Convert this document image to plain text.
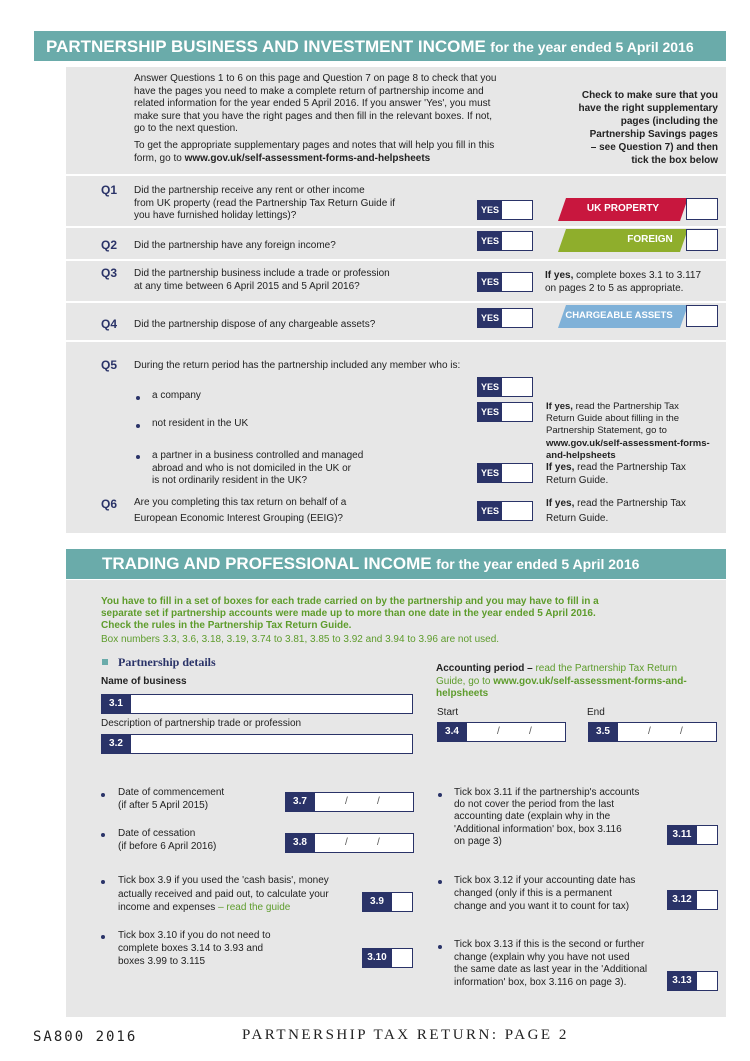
PARTNERSHIP BUSINESS AND INVESTMENT INCOME for the year ended 5 April 2016
Answer Questions 1 to 6 on this page and Question 7 on page 8 to check that you
have the pages you need to make a complete return of partnership income and
related information for the year ended 5 April 2016. If you answer 'Yes', you must
make sure that you have the right pages and then fill in the relevant boxes. If not,
go to the next question.
To get the appropriate supplementary pages and notes that will help you fill in this
form, go to www.gov.uk/self-assessment-forms-and-helpsheets
Check to make sure that you
have the right supplementary
pages (including the
Partnership Savings pages
– see Question 7) and then
tick the box below
Q1 Did the partnership receive any rent or other income
from UK property (read the Partnership Tax Return Guide if
you have furnished holiday lettings)?
YES	UK PROPERTY
Q2 Did the partnership have any foreign income?	YES	FOREIGN
Q3 Did the partnership business include a trade or profession
at any time between 6 April 2015 and 5 April 2016?	YES
If yes, complete boxes 3.1 to 3.117
on pages 2 to 5 as appropriate.
Q4 Did the partnership dispose of any chargeable assets?
YES	CHARGEABLE ASSETS
Q5 During the return period has the partnership included any member who is:
a company
YES
not resident in the UK
YES
a partner in a business controlled and managed
abroad and who is not domiciled in the UK or
is not ordinarily resident in the UK?
YES
If yes, read the Partnership Tax
Return Guide about filling in the
Partnership Statement, go to
www.gov.uk/self-assessment-forms-
and-helpsheets
If yes, read the Partnership Tax
Return Guide.
Q6 Are you completing this tax return on behalf of a
European Economic Interest Grouping (EEIG)?
YES
If yes, read the Partnership Tax
Return Guide.
TRADING AND PROFESSIONAL INCOME for the year ended 5 April 2016
You have to fill in a set of boxes for each trade carried on by the partnership and you may have to fill in a
separate set if partnership accounts were made up to more than one date in the year ended 5 April 2016.
Check the rules in the Partnership Tax Return Guide.
Box numbers 3.3, 3.6, 3.18, 3.19, 3.74 to 3.81, 3.85 to 3.92 and 3.94 to 3.96 are not used.
Partnership details
Name of business
3.1
Description of partnership trade or profession
3.2
Accounting period – read the Partnership Tax Return
Guide, go to www.gov.uk/self-assessment-forms-and-
helpsheets
Start	End
3.4	/	/	3.5	/	/
Date of commencement
(if after 5 April 2015)	3.7	/	/
Date of cessation
(if before 6 April 2016)	3.8	/	/
Tick box 3.9 if you used the 'cash basis', money
actually received and paid out, to calculate your
income and expenses – read the guide
3.9
Tick box 3.10 if you do not need to
complete boxes 3.14 to 3.93 and
boxes 3.99 to 3.115	3.10
Tick box 3.11 if the partnership's accounts
do not cover the period from the last
accounting date (explain why in the
'Additional information' box, box 3.116
on page 3)
3.11
Tick box 3.12 if your accounting date has
changed (only if this is a permanent
change and you want it to count for tax)
3.12
Tick box 3.13 if this is the second or further
change (explain why you have not used
the same date as last year in the 'Additional
information' box, box 3.116 on page 3).	3.13
SA800 2016	PARTNERSHIP TAX RETURN: PAGE 2
